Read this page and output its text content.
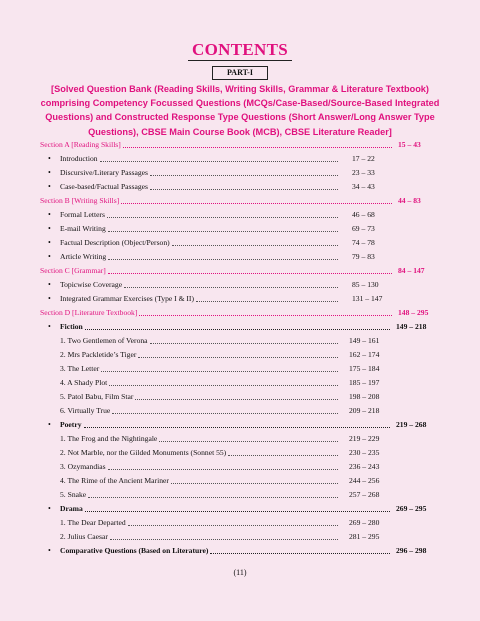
CONTENTS
PART-I
[Solved Question Bank (Reading Skills, Writing Skills, Grammar & Literature Textbook) comprising Competency Focussed Questions (MCQs/Case-Based/Source-Based Integrated Questions) and Constructed Response Type Questions (Short Answer/Long Answer Type Questions), CBSE Main Course Book (MCB), CBSE Literature Reader]
Section A [Reading Skills]	15 – 43
• Introduction	17 – 22
• Discursive/Literary Passages	23 – 33
• Case-based/Factual Passages	34 – 43
Section B [Writing Skills]	44 – 83
• Formal Letters	46 – 68
• E-mail Writing	69 – 73
• Factual Description (Object/Person)	74 – 78
• Article Writing	79 – 83
Section C [Grammar]	84 – 147
• Topicwise Coverage	85 – 130
• Integrated Grammar Exercises (Type I & II)	131 – 147
Section D [Literature Textbook]	148 – 295
• Fiction	149 – 218
1. Two Gentlemen of Verona	149 – 161
2. Mrs Packletide’s Tiger	162 – 174
3. The Letter	175 – 184
4. A Shady Plot	185 – 197
5. Patol Babu, Film Star	198 – 208
6. Virtually True	209 – 218
• Poetry	219 – 268
1. The Frog and the Nightingale	219 – 229
2. Not Marble, nor the Gilded Monuments (Sonnet 55)	230 – 235
3. Ozymandias	236 – 243
4. The Rime of the Ancient Mariner	244 – 256
5. Snake	257 – 268
• Drama	269 – 295
1. The Dear Departed	269 – 280
2. Julius Caesar	281 – 295
• Comparative Questions (Based on Literature)	296 – 298
(11)
